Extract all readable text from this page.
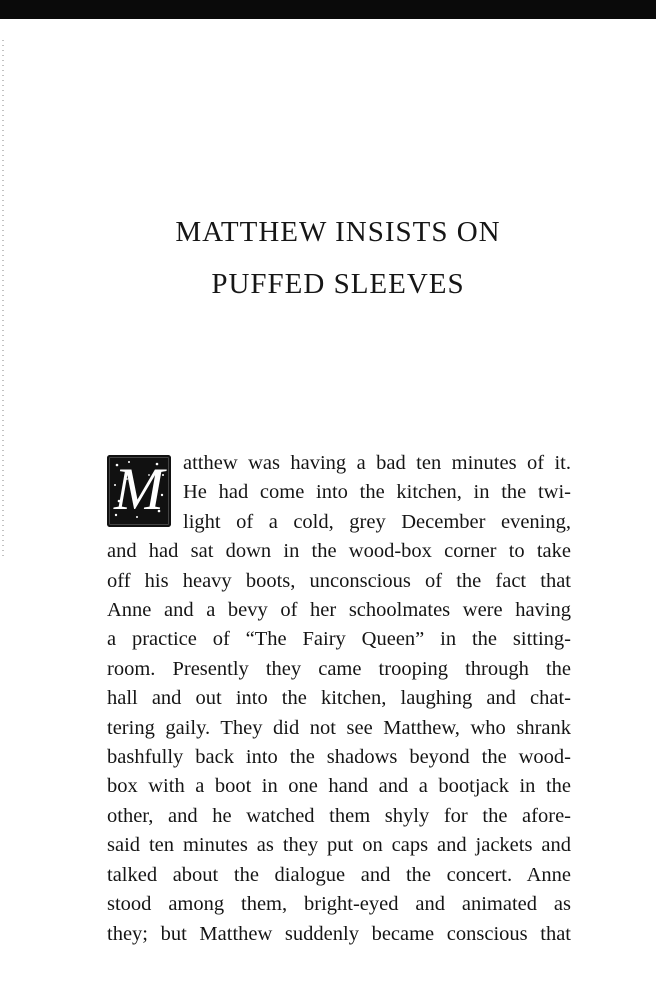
MATTHEW INSISTS ON
PUFFED SLEEVES
M atthew was having a bad ten minutes of it.
He had come into the kitchen, in the twi-
light of a cold, grey December evening,
and had sat down in the wood-box corner to take
off his heavy boots, unconscious of the fact that
Anne and a bevy of her schoolmates were having
a practice of “The Fairy Queen” in the sitting-
room. Presently they came trooping through the
hall and out into the kitchen, laughing and chat-
tering gaily. They did not see Matthew, who shrank
bashfully back into the shadows beyond the wood-
box with a boot in one hand and a bootjack in the
other, and he watched them shyly for the afore-
said ten minutes as they put on caps and jackets and
talked about the dialogue and the concert. Anne
stood among them, bright-eyed and animated as
they; but Matthew suddenly became conscious that
